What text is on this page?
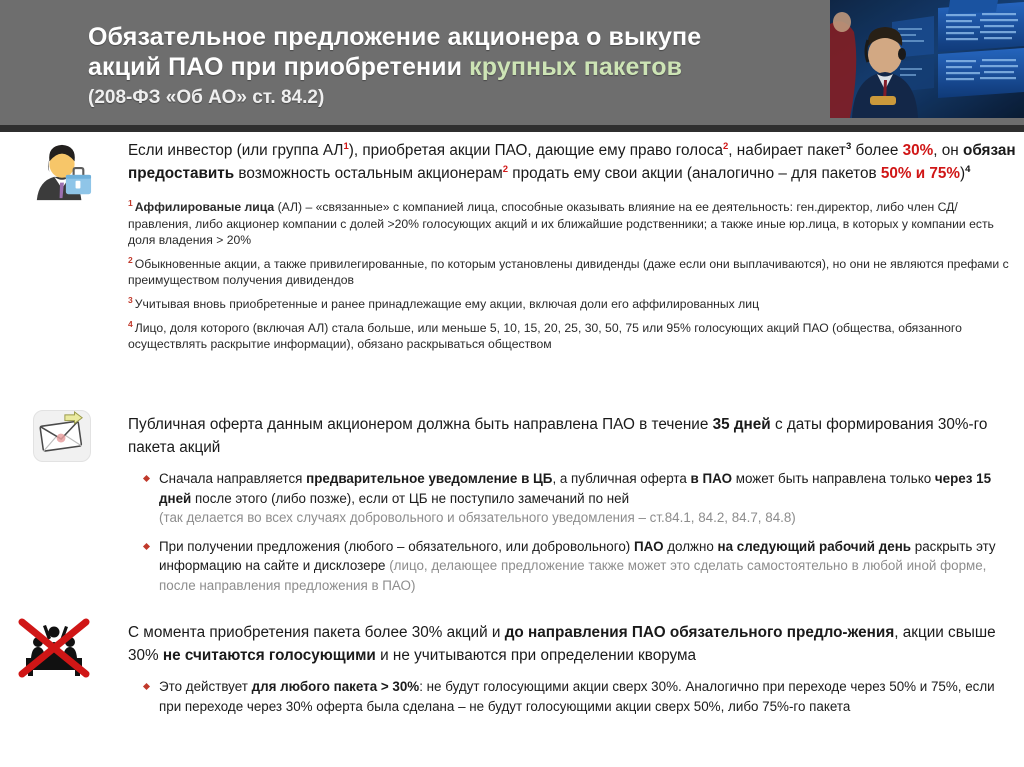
Обязательное предложение акционера о выкупе
акций ПАО при приобретении крупных пакетов
(208-ФЗ «Об АО» ст. 84.2)
Если инвестор (или группа $АЛ^1$), приобретая акции ПАО, дающие ему право голоса$^2$, набирает пакет$^3$ более 30%, он обязан предоставить возможность остальным акционерам$^2$ продать ему свои акции (аналогично – для пакетов 50% и 75%)$^4$
$^1$ Аффилированые лица (АЛ) – «связанные» с компанией лица, способные оказывать влияние на ее деятельность: ген.директор, либо член СД/правления, либо акционер компании с долей >20% голосующих акций и их ближайшие родственники; а также иные юр.лица, в которых у компании есть доля владения > 20%
$^2$ Обыкновенные акции, а также привилегированные, по которым установлены дивиденды (даже если они выплачиваются), но они не являются префами с преимуществом получения дивидендов
$^3$ Учитывая вновь приобретенные и ранее принадлежащие ему акции, включая доли его аффилированных лиц
$^4$ Лицо, доля которого (включая АЛ) стала больше, или меньше 5, 10, 15, 20, 25, 30, 50, 75 или 95% голосующих акций ПАО (общества, обязанного осуществлять раскрытие информации), обязано раскрываться обществом
Публичная оферта данным акционером должна быть направлена ПАО в течение 35 дней с даты формирования 30%-го пакета акций
Сначала направляется предварительное уведомление в ЦБ, а публичная оферта в ПАО может быть направлена только через 15 дней после этого (либо позже), если от ЦБ не поступило замечаний по ней
(так делается во всех случаях добровольного и обязательного уведомления – ст.84.1, 84.2, 84.7, 84.8)
При получении предложения (любого – обязательного, или добровольного) ПАО должно на следующий рабочий день раскрыть эту информацию на сайте и дисклозере (лицо, делающее предложение также может это сделать самостоятельно в любой иной форме, после направления предложения в ПАО)
С момента приобретения пакета более 30% акций и до направления ПАО обязательного предло-жения, акции свыше 30% не считаются голосующими и не учитываются при определении кворума
Это действует для любого пакета > 30%: не будут голосующими акции сверх 30%. Аналогично при переходе через 50% и 75%, если при переходе через 30% оферта была сделана – не будут голосующими акции сверх 50%, либо 75%-го пакета
